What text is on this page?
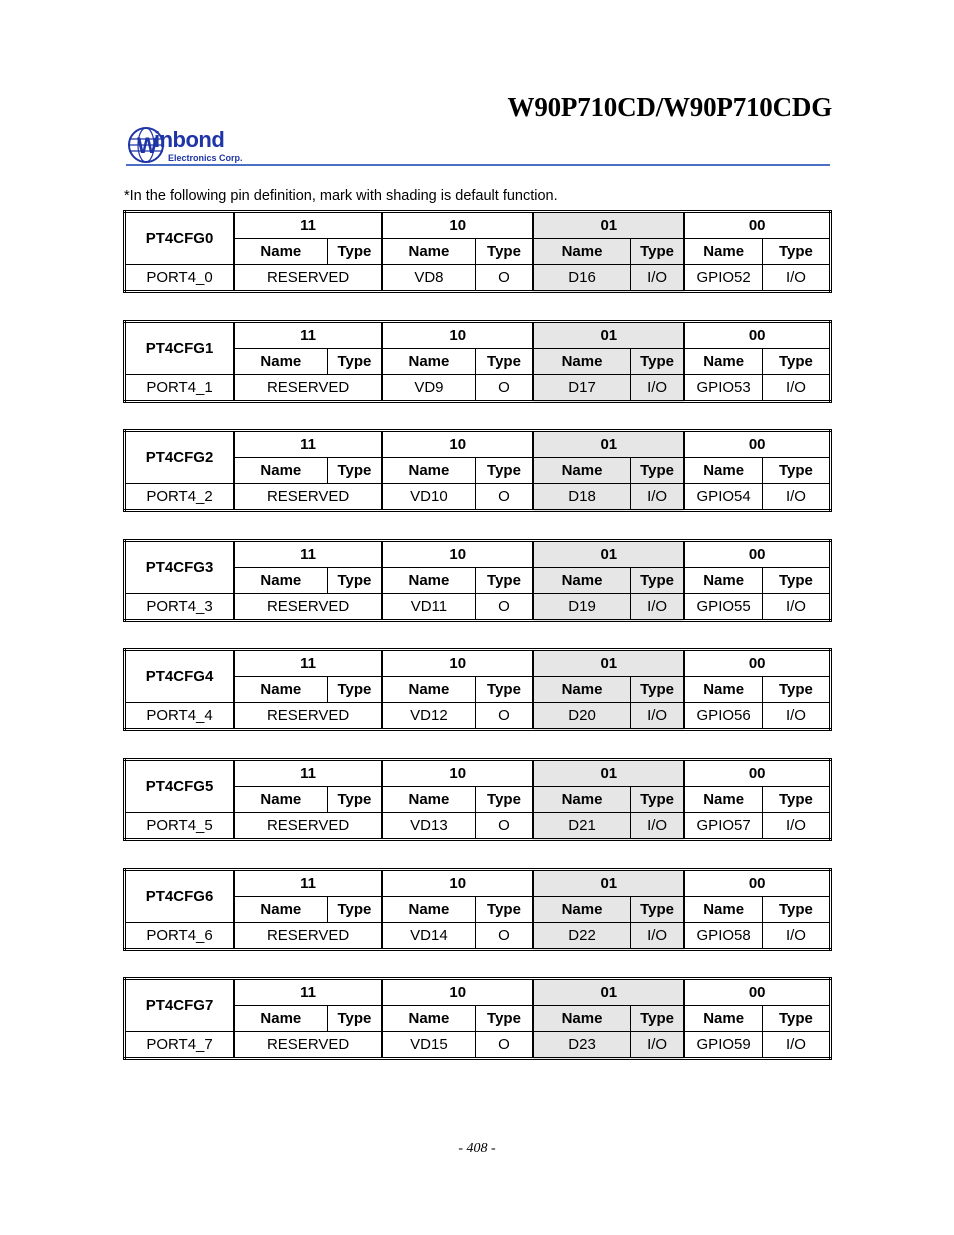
W90P710CD/W90P710CDG
W
inbond
Electronics Corp.
*In the following pin definition, mark with shading is default function.
PT4CFG0	11		10		01		00	
	Name	Type	Name	Type	Name	Type	Name	Type
PORT4_0	RESERVED		VD8	O	D16	I/O	GPIO52	I/O
PT4CFG1	11		10		01		00	
	Name	Type	Name	Type	Name	Type	Name	Type
PORT4_1	RESERVED		VD9	O	D17	I/O	GPIO53	I/O
PT4CFG2	11		10		01		00	
	Name	Type	Name	Type	Name	Type	Name	Type
PORT4_2	RESERVED		VD10	O	D18	I/O	GPIO54	I/O
PT4CFG3	11		10		01		00	
	Name	Type	Name	Type	Name	Type	Name	Type
PORT4_3	RESERVED		VD11	O	D19	I/O	GPIO55	I/O
PT4CFG4	11		10		01		00	
	Name	Type	Name	Type	Name	Type	Name	Type
PORT4_4	RESERVED		VD12	O	D20	I/O	GPIO56	I/O
PT4CFG5	11		10		01		00	
	Name	Type	Name	Type	Name	Type	Name	Type
PORT4_5	RESERVED		VD13	O	D21	I/O	GPIO57	I/O
PT4CFG6	11		10		01		00	
	Name	Type	Name	Type	Name	Type	Name	Type
PORT4_6	RESERVED		VD14	O	D22	I/O	GPIO58	I/O
PT4CFG7	11		10		01		00	
	Name	Type	Name	Type	Name	Type	Name	Type
PORT4_7	RESERVED		VD15	O	D23	I/O	GPIO59	I/O
- 408 -
